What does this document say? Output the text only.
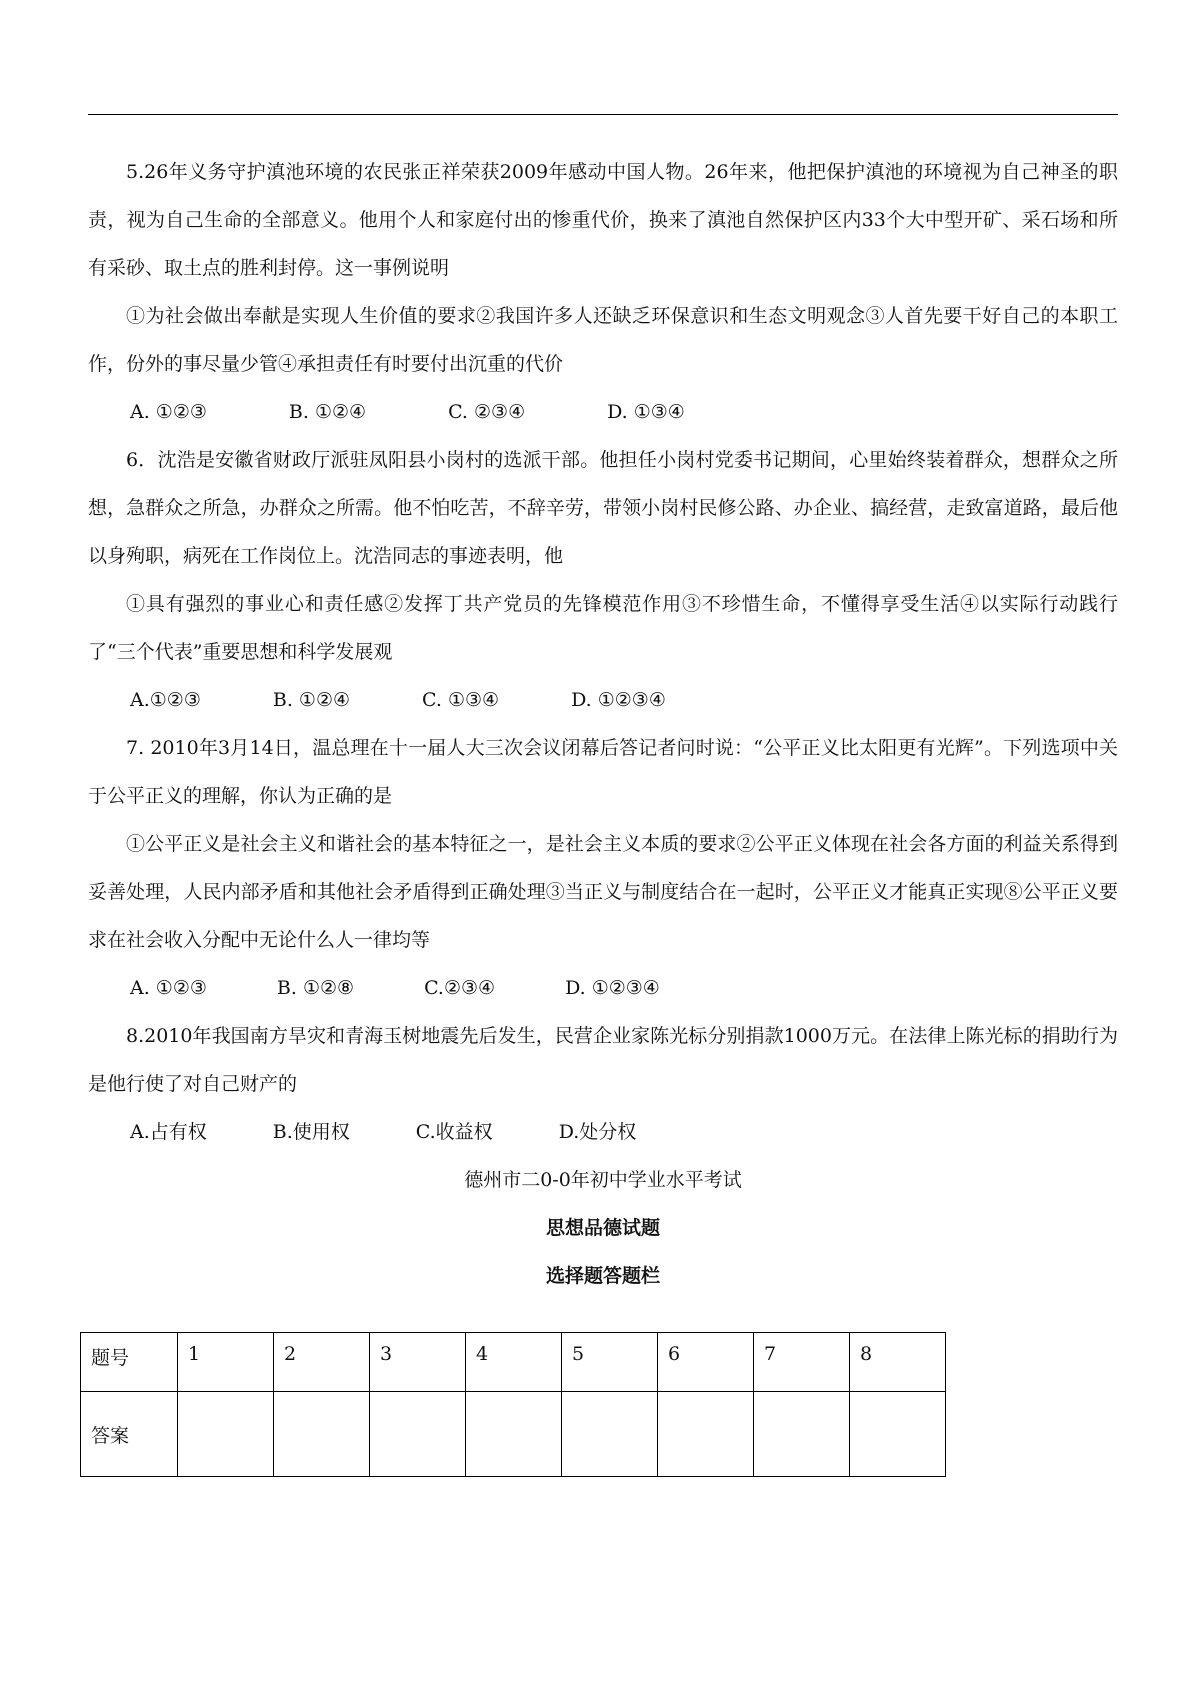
5.26年义务守护滇池环境的农民张正祥荣获2009年感动中国人物。26年来，他把保护滇池的环境视为自己神圣的职责，视为自己生命的全部意义。他用个人和家庭付出的惨重代价，换来了滇池自然保护区内33个大中型开矿、采石场和所有采砂、取土点的胜利封停。这一事例说明

①为社会做出奉献是实现人生价值的要求②我国许多人还缺乏环保意识和生态文明观念③人首先要干好自己的本职工作，份外的事尽量少管④承担责任有时要付出沉重的代价

A. ①②③	B. ①②④	C. ②③④	D. ①③④

6．沈浩是安徽省财政厅派驻凤阳县小岗村的选派干部。他担任小岗村党委书记期间，心里始终装着群众，想群众之所想，急群众之所急，办群众之所需。他不怕吃苦，不辞辛劳，带领小岗村民修公路、办企业、搞经营，走致富道路，最后他以身殉职，病死在工作岗位上。沈浩同志的事迹表明，他

①具有强烈的事业心和责任感②发挥丁共产党员的先锋模范作用③不珍惜生命，不懂得享受生活④以实际行动践行了“三个代表”重要思想和科学发展观

A.①②③	B. ①②④	C. ①③④	D. ①②③④

7. 2010年3月14日，温总理在十一届人大三次会议闭幕后答记者问时说：“公平正义比太阳更有光辉”。下列选项中关于公平正义的理解，你认为正确的是

①公平正义是社会主义和谐社会的基本特征之一，是社会主义本质的要求②公平正义体现在社会各方面的利益关系得到妥善处理，人民内部矛盾和其他社会矛盾得到正确处理③当正义与制度结合在一起时，公平正义才能真正实现⑧公平正义要求在社会收入分配中无论什么人一律均等

A. ①②③	B. ①②⑧	C.②③④	D. ①②③④

8.2010年我国南方旱灾和青海玉树地震先后发生，民营企业家陈光标分别捐款1000万元。在法律上陈光标的捐助行为是他行使了对自己财产的

A.占有权	B.使用权	C.收益权	D.处分权

德州市二0-0年初中学业水平考试

思想品德试题

选择题答题栏

题号	1	2	3	4	5	6	7	8
答案								
